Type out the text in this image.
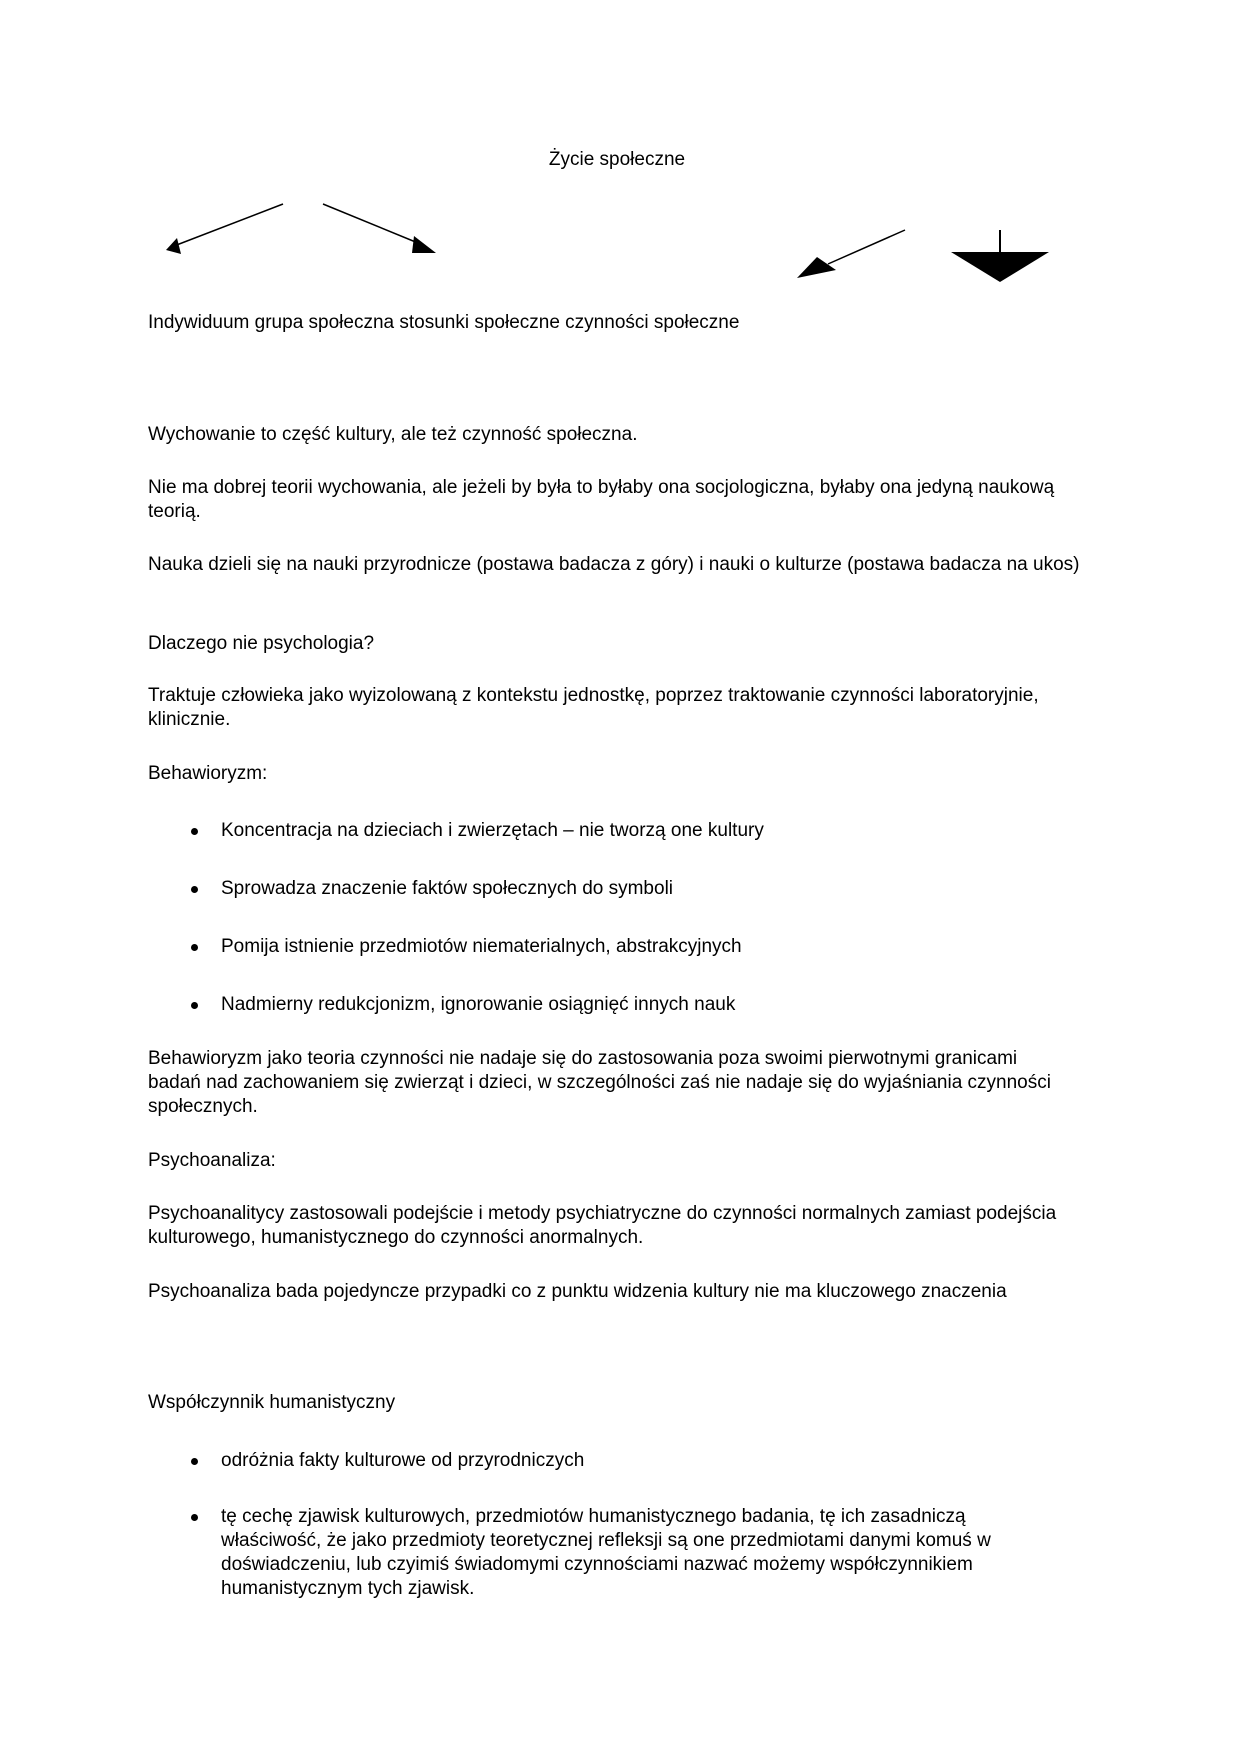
Życie społeczne
Indywiduum grupa społeczna stosunki społeczne czynności społeczne
Wychowanie to część kultury, ale też czynność społeczna.
Nie ma dobrej teorii wychowania, ale jeżeli by była to byłaby ona socjologiczna, byłaby ona jedyną naukową teorią.
Nauka dzieli się na nauki przyrodnicze (postawa badacza z góry) i nauki o kulturze (postawa badacza na ukos)
Dlaczego nie psychologia?
Traktuje człowieka jako wyizolowaną z kontekstu jednostkę, poprzez traktowanie czynności laboratoryjnie, klinicznie.
Behawioryzm:
Koncentracja na dzieciach i zwierzętach – nie tworzą one kultury
Sprowadza znaczenie faktów społecznych do symboli
Pomija istnienie przedmiotów niematerialnych, abstrakcyjnych
Nadmierny redukcjonizm, ignorowanie osiągnięć innych nauk
Behawioryzm jako teoria czynności nie nadaje się do zastosowania poza swoimi pierwotnymi granicami badań nad zachowaniem się zwierząt i dzieci, w szczególności zaś nie nadaje się do wyjaśniania czynności społecznych.
Psychoanaliza:
Psychoanalitycy zastosowali podejście i metody psychiatryczne do czynności normalnych zamiast podejścia kulturowego, humanistycznego do czynności anormalnych.
Psychoanaliza bada pojedyncze przypadki co z punktu widzenia kultury nie ma kluczowego znaczenia
Współczynnik humanistyczny
odróżnia fakty kulturowe od przyrodniczych
tę cechę zjawisk kulturowych, przedmiotów humanistycznego badania, tę ich zasadniczą właściwość, że jako przedmioty teoretycznej refleksji są one przedmiotami danymi komuś w doświadczeniu, lub czyimiś świadomymi czynnościami nazwać możemy współczynnikiem humanistycznym tych zjawisk.
